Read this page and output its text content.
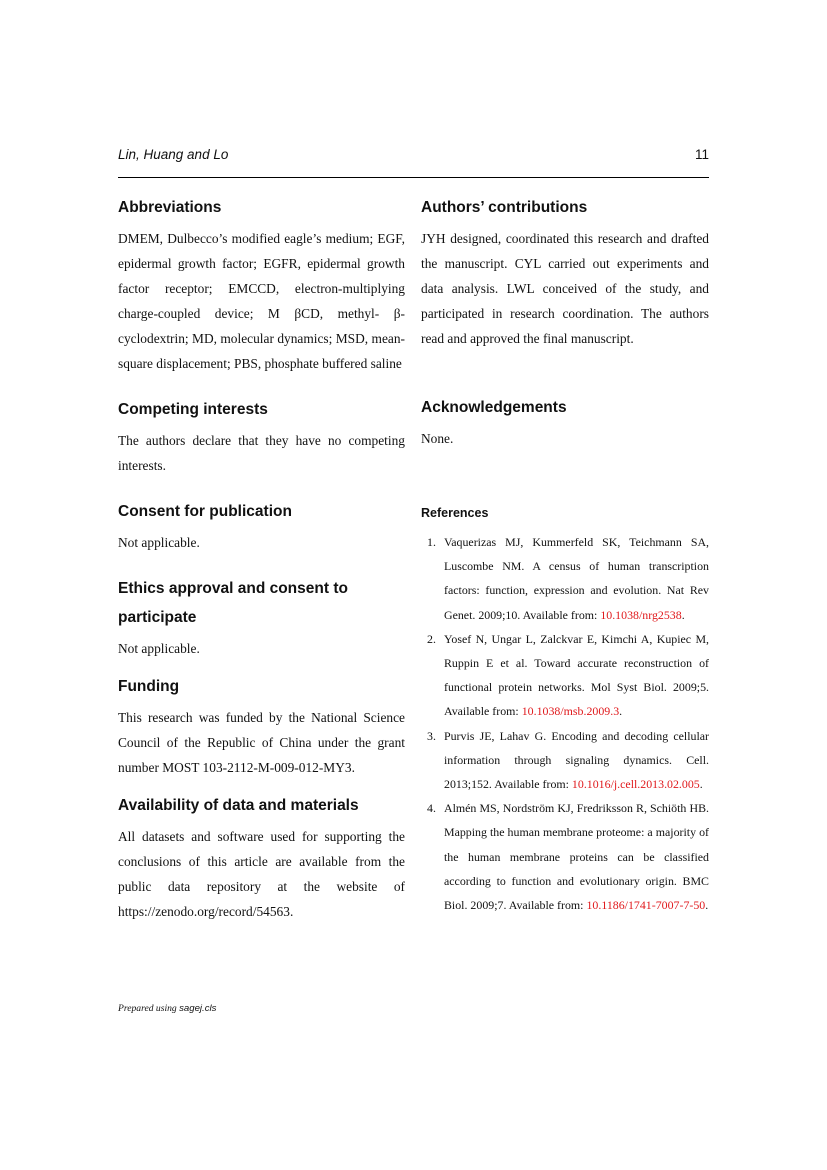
Lin, Huang and Lo	11
Abbreviations

DMEM, Dulbecco’s modified eagle’s medium; EGF, epidermal growth factor; EGFR, epidermal growth factor receptor; EMCCD, electron-multiplying charge-coupled device; M βCD, methyl- β-cyclodextrin; MD, molecular dynamics; MSD, mean-square displacement; PBS, phosphate buffered saline

Competing interests

The authors declare that they have no competing interests.

Consent for publication

Not applicable.

Ethics approval and consent to participate

Not applicable.

Funding

This research was funded by the National Science Council of the Republic of China under the grant number MOST 103-2112-M-009-012-MY3.

Availability of data and materials

All datasets and software used for supporting the conclusions of this article are available from the public data repository at the website of https://zenodo.org/record/54563.

Authors’ contributions

JYH designed, coordinated this research and drafted the manuscript. CYL carried out experiments and data analysis. LWL conceived of the study, and participated in research coordination. The authors read and approved the final manuscript.

Acknowledgements

None.

References
1. Vaquerizas MJ, Kummerfeld SK, Teichmann SA, Luscombe NM. A census of human transcription factors: function, expression and evolution. Nat Rev Genet. 2009;10. Available from: 10.1038/nrg2538.
2. Yosef N, Ungar L, Zalckvar E, Kimchi A, Kupiec M, Ruppin E et al. Toward accurate reconstruction of functional protein networks. Mol Syst Biol. 2009;5. Available from: 10.1038/msb.2009.3.
3. Purvis JE, Lahav G. Encoding and decoding cellular information through signaling dynamics. Cell. 2013;152. Available from: 10.1016/j.cell.2013.02.005.
4. Almén MS, Nordström KJ, Fredriksson R, Schiöth HB. Mapping the human membrane proteome: a majority of the human membrane proteins can be classified according to function and evolutionary origin. BMC Biol. 2009;7. Available from: 10.1186/1741-7007-7-50.
Prepared using sagej.cls
